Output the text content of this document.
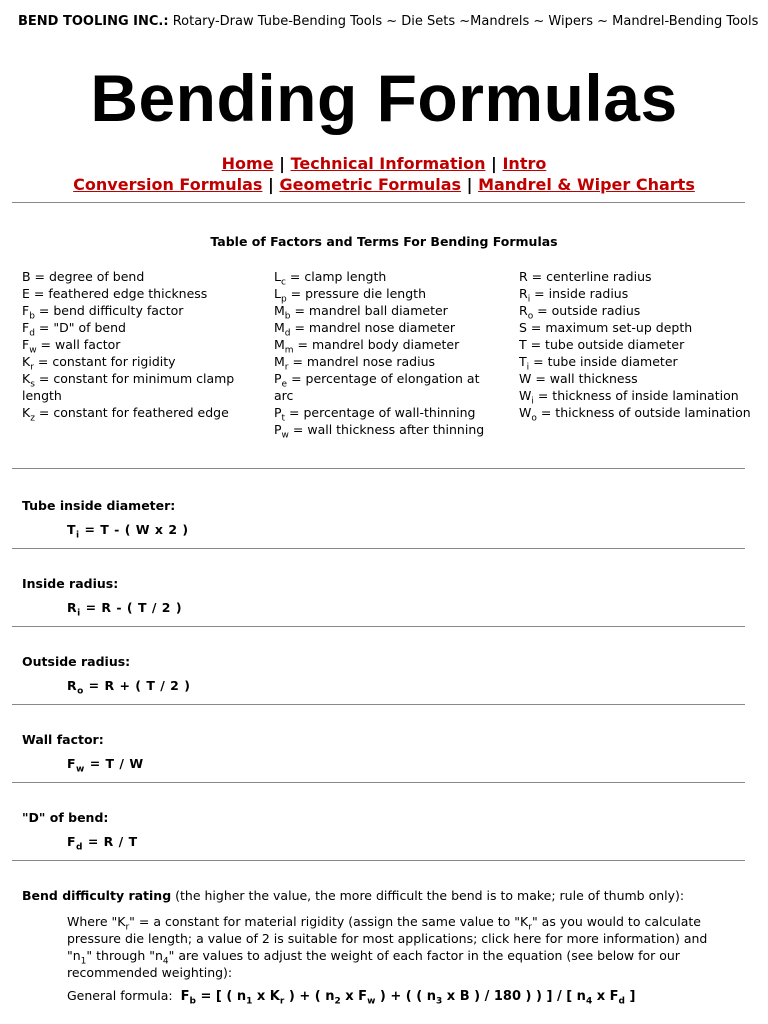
BEND TOOLING INC.: Rotary-Draw Tube-Bending Tools ~ Die Sets ~Mandrels ~ Wipers ~ Mandrel-Bending Tools
Bending Formulas
Home | Technical Information | Intro
Conversion Formulas | Geometric Formulas | Mandrel & Wiper Charts
Table of Factors and Terms For Bending Formulas
B = degree of bend
E = feathered edge thickness
$F_b$ = bend difficulty factor
$F_d$ = "D" of bend
$F_w$ = wall factor
$K_r$ = constant for rigidity
$K_s$ = constant for minimum clamp length
$K_z$ = constant for feathered edge
$L_c$ = clamp length
$L_p$ = pressure die length
$M_b$ = mandrel ball diameter
$M_d$ = mandrel nose diameter
$M_m$ = mandrel body diameter
$M_r$ = mandrel nose radius
$P_e$ = percentage of elongation at arc
$P_t$ = percentage of wall-thinning
$P_w$ = wall thickness after thinning
R = centerline radius
$R_i$ = inside radius
$R_o$ = outside radius
S = maximum set-up depth
T = tube outside diameter
$T_i$ = tube inside diameter
W = wall thickness
$W_i$ = thickness of inside lamination
$W_o$ = thickness of outside lamination
Tube inside diameter:
$T_i = T$ - ( W x 2 )
Inside radius:
$R_i = R$ - ( T / 2 )
Outside radius:
$R_o = R$ + ( T / 2 )
Wall factor:
$F_w = T / W$
"D" of bend:
$F_d = R / T$
Bend difficulty rating (the higher the value, the more difficult the bend is to make; rule of thumb only):
Where "$K_r$" = a constant for material rigidity (assign the same value to "$K_r$" as you would to calculate pressure die length; a value of 2 is suitable for most applications; click here for more information) and "$n_1$" through "$n_4$" are values to adjust the weight of each factor in the equation (see below for our recommended weighting):
General formula: $F_b$ = [ ( $n_1$ x $K_r$ ) + ( $n_2$ x $F_w$ ) + ( ( $n_3$ x B ) / 180 ) ) ] / [ $n_4$ x $F_d$ ]
